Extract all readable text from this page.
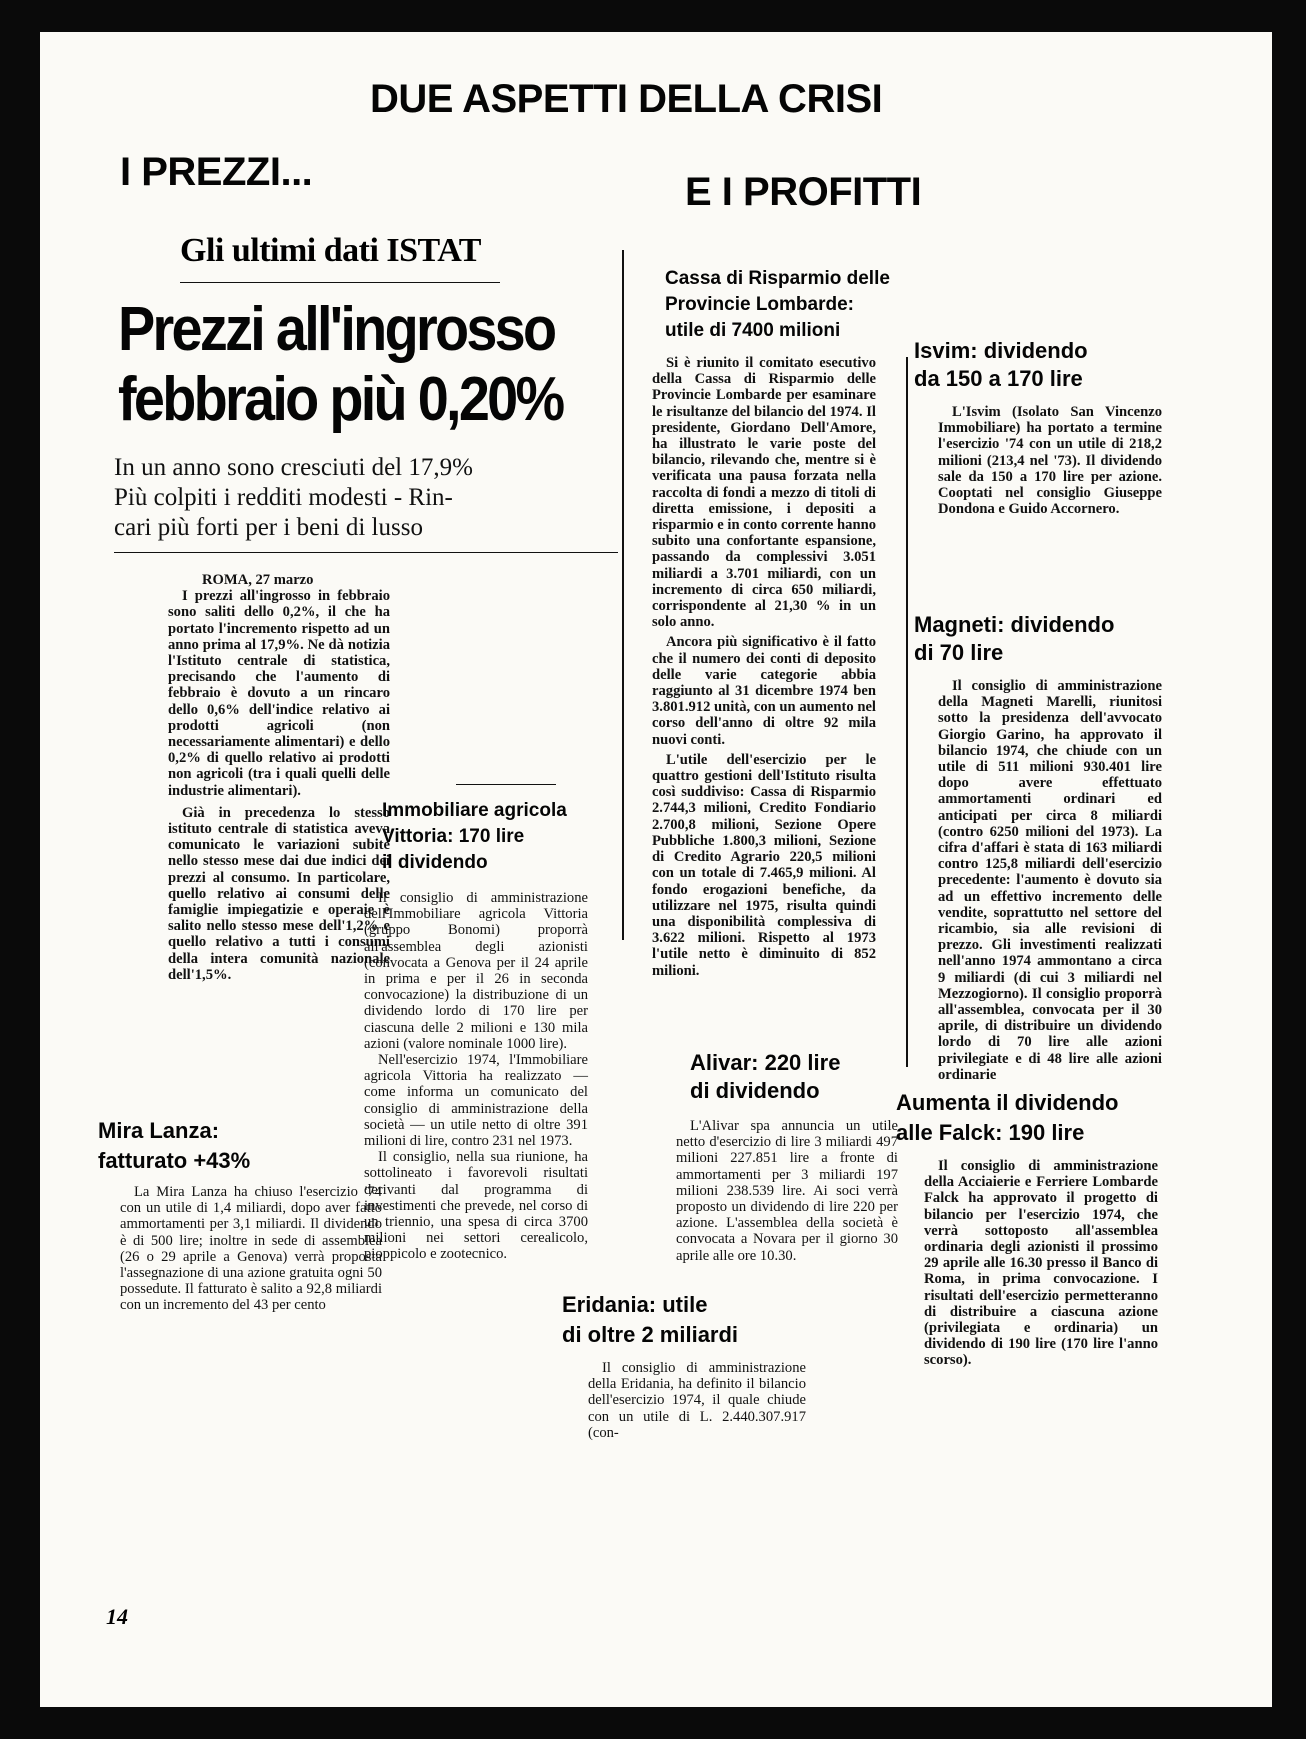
DUE ASPETTI DELLA CRISI
I PREZZI...	E I PROFITTI
Gli ultimi dati ISTAT
Prezzi all'ingrosso
febbraio più 0,20%
In un anno sono cresciuti del 17,9%
Più colpiti i redditi modesti - Rin-
cari più forti per i beni di lusso
ROMA, 27 marzo

I prezzi all'ingrosso in febbraio sono saliti dello 0,2%, il che ha portato l'incremento rispetto ad un anno prima al 17,9%. Ne dà notizia l'Istituto centrale di statistica, precisando che l'aumento di febbraio è dovuto a un rincaro dello 0,6% dell'indice relativo ai prodotti agricoli (non necessariamente alimentari) e dello 0,2% di quello relativo ai prodotti non agricoli (tra i quali quelli delle industrie alimentari).

Già in precedenza lo stesso istituto centrale di statistica aveva comunicato le variazioni subite nello stesso mese dai due indici dei prezzi al consumo. In particolare, quello relativo ai consumi delle famiglie impiegatizie e operaie è salito nello stesso mese dell'1,2% e quello relativo a tutti i consumi della intera comunità nazionale dell'1,5%.

Mira Lanza:
fatturato +43%

La Mira Lanza ha chiuso l'esercizio '74 con un utile di 1,4 miliardi, dopo aver fatto ammortamenti per 3,1 miliardi. Il dividendo è di 500 lire; inoltre in sede di assemblea (26 o 29 aprile a Genova) verrà proposta l'assegnazione di una azione gratuita ogni 50 possedute. Il fatturato è salito a 92,8 miliardi con un incremento del 43 per cento

14
Immobiliare agricola
Vittoria: 170 lire
il dividendo

Il consiglio di amministrazione dell'Immobiliare agricola Vittoria (gruppo Bonomi) proporrà all'assemblea degli azionisti (convocata a Genova per il 24 aprile in prima e per il 26 in seconda convocazione) la distribuzione di un dividendo lordo di 170 lire per ciascuna delle 2 milioni e 130 mila azioni (valore nominale 1000 lire).

Nell'esercizio 1974, l'Immobiliare agricola Vittoria ha realizzato — come informa un comunicato del consiglio di amministrazione della società — un utile netto di oltre 391 milioni di lire, contro 231 nel 1973.

Il consiglio, nella sua riunione, ha sottolineato i favorevoli risultati derivanti dal programma di investimenti che prevede, nel corso di un triennio, una spesa di circa 3700 milioni nei settori cerealicolo, pioppicolo e zootecnico.

Cassa di Risparmio delle
Provincie Lombarde:
utile di 7400 milioni

Si è riunito il comitato esecutivo della Cassa di Risparmio delle Provincie Lombarde per esaminare le risultanze del bilancio del 1974. Il presidente, Giordano Dell'Amore, ha illustrato le varie poste del bilancio, rilevando che, mentre si è verificata una pausa forzata nella raccolta di fondi a mezzo di titoli di diretta emissione, i depositi a risparmio e in conto corrente hanno subito una confortante espansione, passando da complessivi 3.051 miliardi a 3.701 miliardi, con un incremento di circa 650 miliardi, corrispondente al 21,30 % in un solo anno.

Ancora più significativo è il fatto che il numero dei conti di deposito delle varie categorie abbia raggiunto al 31 dicembre 1974 ben 3.801.912 unità, con un aumento nel corso dell'anno di oltre 92 mila nuovi conti.

L'utile dell'esercizio per le quattro gestioni dell'Istituto risulta così suddiviso: Cassa di Risparmio 2.744,3 milioni, Credito Fondiario 2.700,8 milioni, Sezione Opere Pubbliche 1.800,3 milioni, Sezione di Credito Agrario 220,5 milioni con un totale di 7.465,9 milioni. Al fondo erogazioni benefiche, da utilizzare nel 1975, risulta quindi una disponibilità complessiva di 3.622 milioni. Rispetto al 1973 l'utile netto è diminuito di 852 milioni.

Alivar: 220 lire
di dividendo

L'Alivar spa annuncia un utile netto d'esercizio di lire 3 miliardi 497 milioni 227.851 lire a fronte di ammortamenti per 3 miliardi 197 milioni 238.539 lire. Ai soci verrà proposto un dividendo di lire 220 per azione. L'assemblea della società è convocata a Novara per il giorno 30 aprile alle ore 10.30.

Eridania: utile
di oltre 2 miliardi

Il consiglio di amministrazione della Eridania, ha definito il bilancio dell'esercizio 1974, il quale chiude con un utile di L. 2.440.307.917 (con-

Isvim: dividendo
da 150 a 170 lire

L'Isvim (Isolato San Vincenzo Immobiliare) ha portato a termine l'esercizio '74 con un utile di 218,2 milioni (213,4 nel '73). Il dividendo sale da 150 a 170 lire per azione. Cooptati nel consiglio Giuseppe Dondona e Guido Accornero.

Magneti: dividendo
di 70 lire

Il consiglio di amministrazione della Magneti Marelli, riunitosi sotto la presidenza dell'avvocato Giorgio Garino, ha approvato il bilancio 1974, che chiude con un utile di 511 milioni 930.401 lire dopo avere effettuato ammortamenti ordinari ed anticipati per circa 8 miliardi (contro 6250 milioni del 1973). La cifra d'affari è stata di 163 miliardi contro 125,8 miliardi dell'esercizio precedente: l'aumento è dovuto sia ad un effettivo incremento delle vendite, soprattutto nel settore del ricambio, sia alle revisioni di prezzo. Gli investimenti realizzati nell'anno 1974 ammontano a circa 9 miliardi (di cui 3 miliardi nel Mezzogiorno). Il consiglio proporrà all'assemblea, convocata per il 30 aprile, di distribuire un dividendo lordo di 70 lire alle azioni privilegiate e di 48 lire alle azioni ordinarie

Aumenta il dividendo
alle Falck: 190 lire

Il consiglio di amministrazione della Acciaierie e Ferriere Lombarde Falck ha approvato il progetto di bilancio per l'esercizio 1974, che verrà sottoposto all'assemblea ordinaria degli azionisti il prossimo 29 aprile alle 16.30 presso il Banco di Roma, in prima convocazione. I risultati dell'esercizio permetteranno di distribuire a ciascuna azione (privilegiata e ordinaria) un dividendo di 190 lire (170 lire l'anno scorso).
